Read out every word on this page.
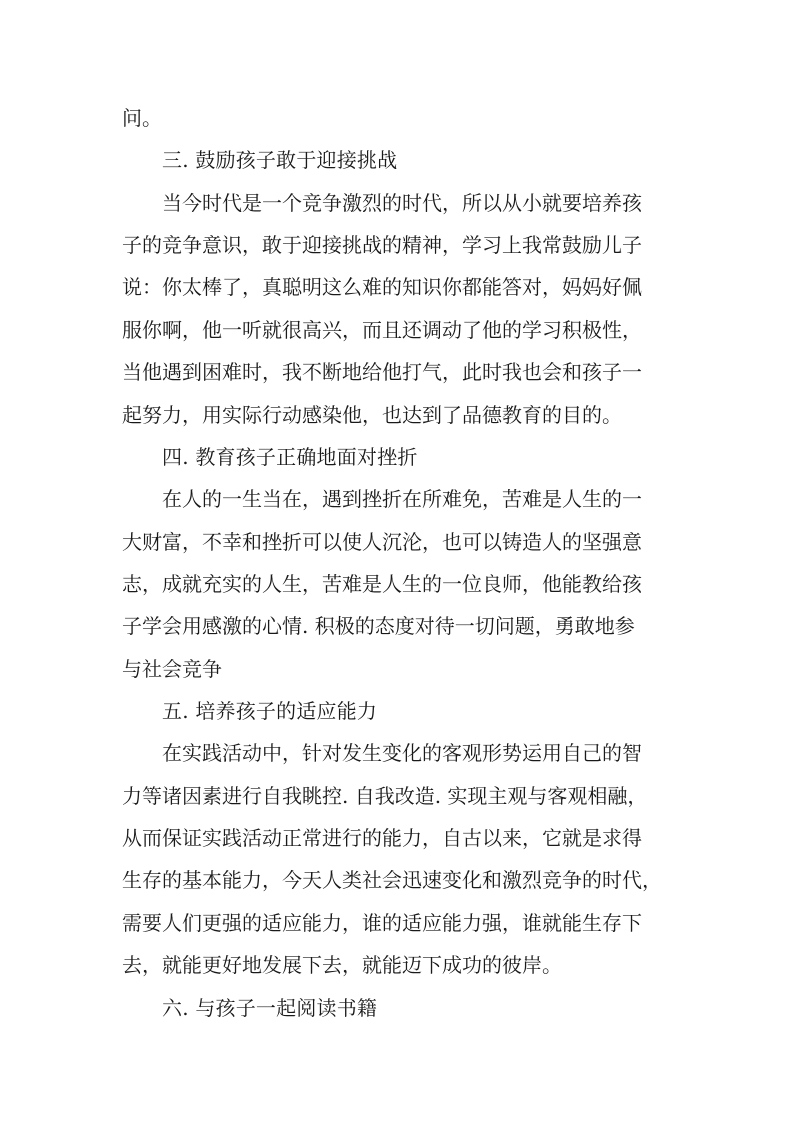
问。
三. 鼓励孩子敢于迎接挑战
当今时代是一个竞争激烈的时代，所以从小就要培养孩
子的竞争意识，敢于迎接挑战的精神，学习上我常鼓励儿子
说：你太棒了，真聪明这么难的知识你都能答对，妈妈好佩
服你啊，他一听就很高兴，而且还调动了他的学习积极性，
当他遇到困难时，我不断地给他打气，此时我也会和孩子一
起努力，用实际行动感染他，也达到了品德教育的目的。
四. 教育孩子正确地面对挫折
在人的一生当在，遇到挫折在所难免，苦难是人生的一
大财富，不幸和挫折可以使人沉沦，也可以铸造人的坚强意
志，成就充实的人生，苦难是人生的一位良师，他能教给孩
子学会用感激的心情. 积极的态度对待一切问题，勇敢地参
与社会竞争
五. 培养孩子的适应能力
在实践活动中，针对发生变化的客观形势运用自己的智
力等诸因素进行自我眺控. 自我改造. 实现主观与客观相融，
从而保证实践活动正常进行的能力，自古以来，它就是求得
生存的基本能力，今天人类社会迅速变化和激烈竞争的时代，
需要人们更强的适应能力，谁的适应能力强，谁就能生存下
去，就能更好地发展下去，就能迈下成功的彼岸。
六. 与孩子一起阅读书籍
